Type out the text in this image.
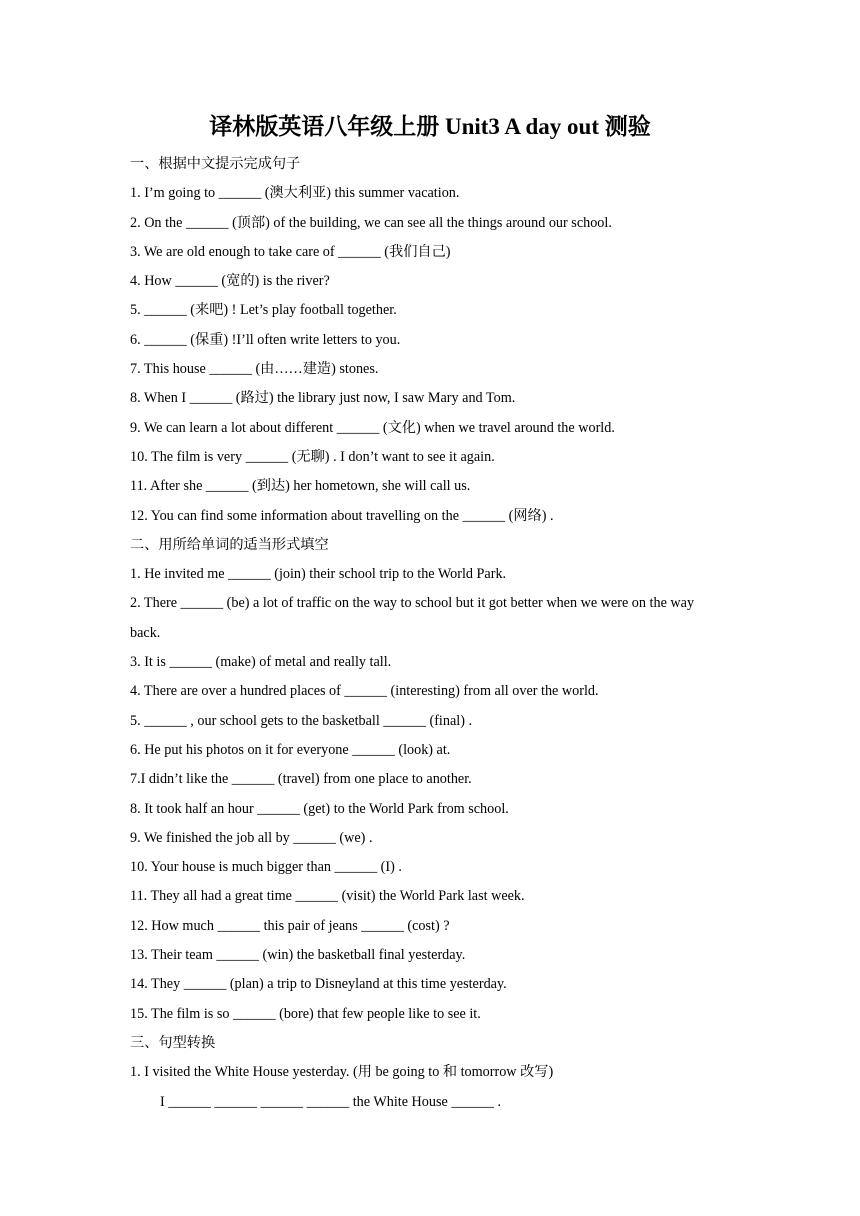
译林版英语八年级上册 Unit3 A day out 测验
一、根据中文提示完成句子
1. I’m going to ______ (澳大利亚) this summer vacation.
2. On the ______ (顶部) of the building, we can see all the things around our school.
3. We are old enough to take care of ______ (我们自己)
4. How ______ (宽的) is the river?
5. ______ (来吧) ! Let’s play football together.
6. ______ (保重) !I’ll often write letters to you.
7. This house ______ (由……建造) stones.
8. When I ______ (路过) the library just now, I saw Mary and Tom.
9. We can learn a lot about different ______ (文化) when we travel around the world.
10. The film is very ______ (无聊) . I don’t want to see it again.
11. After she ______ (到达) her hometown, she will call us.
12. You can find some information about travelling on the ______ (网络) .
二、用所给单词的适当形式填空
1. He invited me ______ (join) their school trip to the World Park.
2. There ______ (be) a lot of traffic on the way to school but it got better when we were on the way back.
3. It is ______ (make) of metal and really tall.
4. There are over a hundred places of ______ (interesting) from all over the world.
5. ______ , our school gets to the basketball ______ (final) .
6. He put his photos on it for everyone ______ (look) at.
7.I didn’t like the ______ (travel) from one place to another.
8. It took half an hour ______ (get) to the World Park from school.
9. We finished the job all by ______ (we) .
10. Your house is much bigger than ______ (I) .
11. They all had a great time ______ (visit) the World Park last week.
12. How much ______ this pair of jeans ______ (cost) ?
13. Their team ______ (win) the basketball final yesterday.
14. They ______ (plan) a trip to Disneyland at this time yesterday.
15. The film is so ______ (bore) that few people like to see it.
三、句型转换
1. I visited the White House yesterday. (用 be going to 和 tomorrow 改写)
I ______ ______ ______ ______ the White House ______ .
